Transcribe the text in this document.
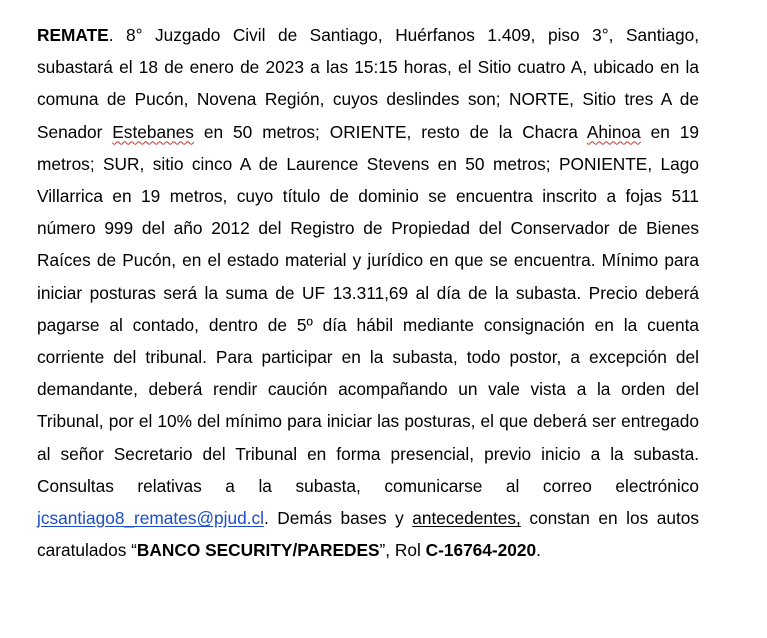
REMATE. 8° Juzgado Civil de Santiago, Huérfanos 1.409, piso 3°, Santiago, subastará el 18 de enero de 2023 a las 15:15 horas, el Sitio cuatro A, ubicado en la comuna de Pucón, Novena Región, cuyos deslindes son; NORTE, Sitio tres A de Senador Estebanes en 50 metros; ORIENTE, resto de la Chacra Ahinoa en 19 metros; SUR, sitio cinco A de Laurence Stevens en 50 metros; PONIENTE, Lago Villarrica en 19 metros, cuyo título de dominio se encuentra inscrito a fojas 511 número 999 del año 2012 del Registro de Propiedad del Conservador de Bienes Raíces de Pucón, en el estado material y jurídico en que se encuentra. Mínimo para iniciar posturas será la suma de UF 13.311,69 al día de la subasta. Precio deberá pagarse al contado, dentro de 5º día hábil mediante consignación en la cuenta corriente del tribunal. Para participar en la subasta, todo postor, a excepción del demandante, deberá rendir caución acompañando un vale vista a la orden del Tribunal, por el 10% del mínimo para iniciar las posturas, el que deberá ser entregado al señor Secretario del Tribunal en forma presencial, previo inicio a la subasta. Consultas relativas a la subasta, comunicarse al correo electrónico jcsantiago8_remates@pjud.cl. Demás bases y antecedentes, constan en los autos caratulados “BANCO SECURITY/PAREDES”, Rol C-16764-2020.
